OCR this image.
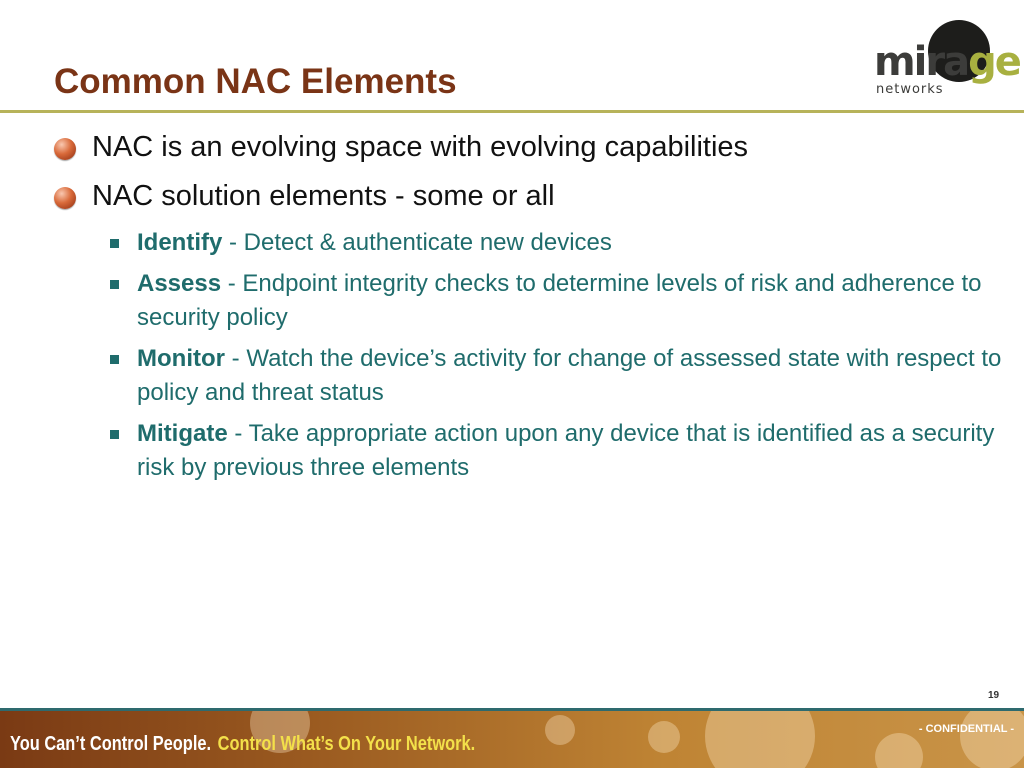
Common NAC Elements	mirage
networks
NAC is an evolving space with evolving capabilities
NAC solution elements - some or all
Identify - Detect & authenticate new devices
Assess - Endpoint integrity checks to determine levels of risk and adherence to security policy
Monitor - Watch the device’s activity for change of assessed state with respect to policy and threat status
Mitigate - Take appropriate action upon any device that is identified as a security risk by previous three elements
19
You Can’t Control People. Control What’s On Your Network.
- CONFIDENTIAL -
